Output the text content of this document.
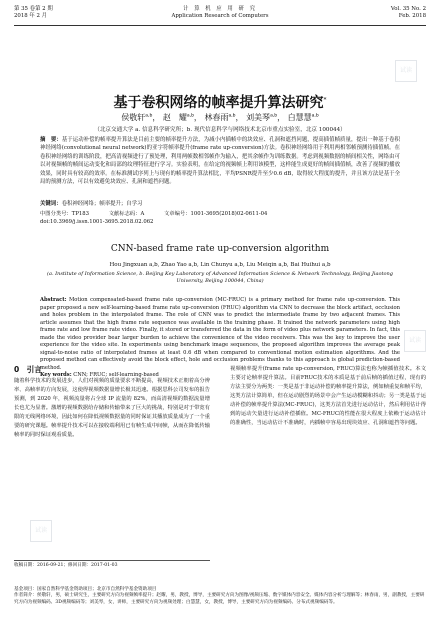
第 35 卷第 2 期
2018 年 2 月
计 算 机 应 用 研 究
Application Research of Computers
Vol. 35 No. 2
Feb. 2018
基于卷积网络的帧率提升算法研究*
侯敬轩$^{a,b}$， 赵　耀$^{a,b}$， 林春雨$^{a,b}$， 刘美琴$^{a,b}$， 白慧慧$^{a,b}$
（北京交通大学 a. 信息科学研究所；b. 现代信息科学与网络技术北京市重点实验室，北京 100044）
摘　要：基于运动补偿的帧率提升算法是目前主要的帧率提升方法，为减小内插帧中的块效应、孔洞和遮挡问题，提高插值帧质量，提出一种基于卷积神经网络(convolutional neural network)的亚字符帧率提升(frame rate up-conversion)方法。卷积神经网络用于利用两相邻帧预测待插值帧。在卷积神经网络的训练阶段，把高清视频进行了预处理，利用两帧数相邻帧作为输入，把其余帧作为训练数据。考虑到视频数据的帧间相关性，网络由可以对视频帧的帧间运动变化和局部的纹理特征进行学习。实验表明，在给定的视频帧上利用该模型，这样能生成更好的帧间插值帧，改善了视频的播放效果，同时具有较高的效率。在标准测试序列上与现有的帧率提升算法相比，平均PSNR提升至少0.6 dB，取得较大程度的提升，并且该方法是基于全局的预测方法，可以有效避免块效应、孔洞和遮挡问题。
关键词：卷积神经网络；帧率提升；自学习
中图分类号：TP183	文献标志码：A	文章编号：1001-3695(2018)02-0611-04
doi:10.3969/j.issn.1001-3695.2018.02.062
CNN-based frame rate up-conversion algorithm
Hou Jingxuan a,b, Zhao Yao a,b, Lin Chunyu a,b, Liu Meiqin a,b, Bai Huihui a,b
(a. Institute of Information Science, b. Beijing Key Laboratory of Advanced Information Science & Network Technology, Beijing Jiaotong University, Beijing 100044, China)
Abstract: Motion compensated-based frame rate up-conversion (MC-FRUC) is a primary method for frame rate up-conversion. This paper proposed a new self-learning-based frame rate up-conversion (FRUC) algorithm via CNN to decrease the block artifact, occlusion and holes problem in the interpolated frame. The role of CNN was to predict the intermediate frame by two adjacent frames. This article assumes that the high frame rate sequence was available in the training phase. It trained the network parameters using high frame rate and low frame rate video. Finally, it stored or transferred the data in the form of video plus network parameters. In fact, this made the video provider bear larger burden to achieve the convenience of the video receivers. This was the key to improve the user experience for the video site. In experiments using benchmark image sequences, the proposed algorithm improves the average peak signal-to-noise ratio of interpolated frames at least 0.6 dB when compared to conventional motion estimation algorithms. And the proposed method can effectively avoid the block effect, hole and occlusion problems thanks to this approach is global prediction-based method.
Key words: CNN; FRUC; self-learning-based
0　 引言
随着科学技术的发展进步，人们对视频的质量要求不断提高，视频技术正朝着高分辨率、高帧率的方向发展，这使得视频数据量增长极其迅速。根据思科公司发布的报告预测，到 2020 年，视频流量将占全球 IP 流量的 82%，而高清视频的数据流量增长也尤为显著。激增的视频数据给存储和传输带来了巨大的挑战，特别是对于带宽有限的无线网络环境，因此如何在降低视频数据量的同时保证其播放质量成为了一个重要的研究课题。帧率提升技术可以在接收端利用已有帧生成中间帧，从而在降低传输帧率的同时保证观看质量。
视频帧率提升(frame rate up-conversion, FRUC)算法也称为帧插值技术。本文主要讨论帧率提升算法。目前FRUC技术的本质是基于前后帧的插值过程，现有的方法主要分为两类：一类是基于非运动补偿的帧率提升算法，例如帧重复和帧平均，这类方法计算简单，但在运动剧烈的场景中会产生运动模糊和抖动；另一类是基于运动补偿的帧率提升算法(MC-FRUC)，这类方法首先进行运动估计，然后利用估计得到的运动矢量进行运动补偿插值。MC-FRUC的性能在很大程度上依赖于运动估计的准确性，当运动估计不准确时，内插帧中容易出现块效应、孔洞和遮挡等问题。
收稿日期：2016-09-21；修回日期：2017-01-03
基金项目：国家自然科学基金资助项目；北京市自然科学基金资助项目
作者简介：侯敬轩，男，硕士研究生，主要研究方向为视频帧率提升；赵耀，男，教授，博导，主要研究方向为图像/视频压缩、数字媒体内容安全、媒体内容分析与理解等；林春雨，男，副教授，主要研究方向为视频编码、3D视频编码等；刘美琴，女，讲师，主要研究方向为视频处理；白慧慧，女，教授，博导，主要研究方向为视频编码、分布式视频编码等。
试读
试读
试读
